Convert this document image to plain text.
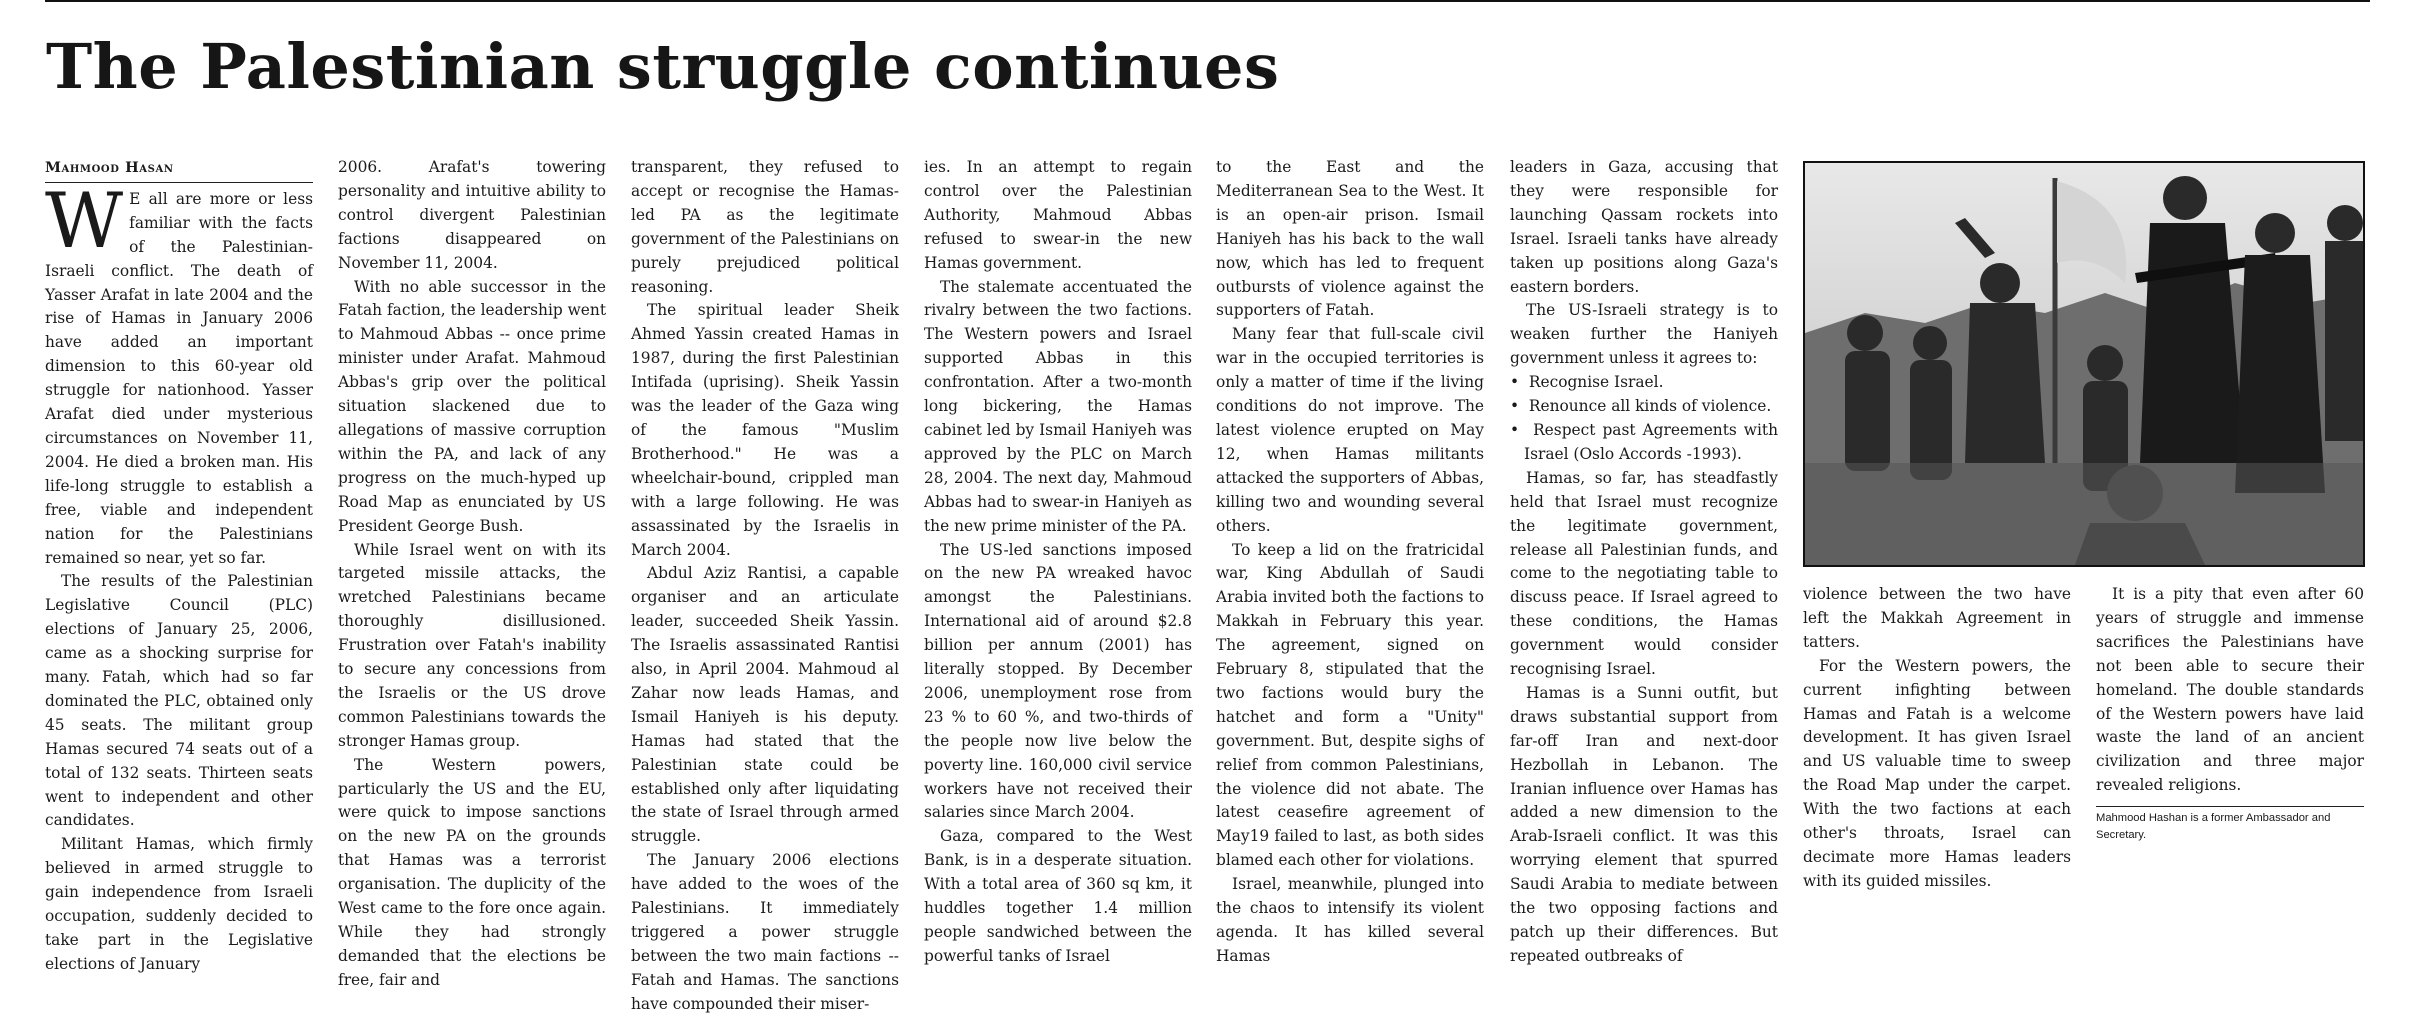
The Palestinian struggle continues
Mahmood Hasan

W E all are more or less familiar with the facts of the Palestinian-Israeli conflict. The death of Yasser Arafat in late 2004 and the rise of Hamas in January 2006 have added an important dimension to this 60-year old struggle for nationhood. Yasser Arafat died under mysterious circumstances on November 11, 2004. He died a broken man. His life-long struggle to establish a free, viable and independent nation for the Palestinians remained so near, yet so far.

The results of the Palestinian Legislative Council (PLC) elections of January 25, 2006, came as a shocking surprise for many. Fatah, which had so far dominated the PLC, obtained only 45 seats. The militant group Hamas secured 74 seats out of a total of 132 seats. Thirteen seats went to independent and other candidates.

Militant Hamas, which firmly believed in armed struggle to gain independence from Israeli occupation, suddenly decided to take part in the Legislative elections of January

2006. Arafat's towering personality and intuitive ability to control divergent Palestinian factions disappeared on November 11, 2004.

With no able successor in the Fatah faction, the leadership went to Mahmoud Abbas -- once prime minister under Arafat. Mahmoud Abbas's grip over the political situation slackened due to allegations of massive corruption within the PA, and lack of any progress on the much-hyped up Road Map as enunciated by US President George Bush.

While Israel went on with its targeted missile attacks, the wretched Palestinians became thoroughly disillusioned. Frustration over Fatah's inability to secure any concessions from the Israelis or the US drove common Palestinians towards the stronger Hamas group.

The Western powers, particularly the US and the EU, were quick to impose sanctions on the new PA on the grounds that Hamas was a terrorist organisation. The duplicity of the West came to the fore once again. While they had strongly demanded that the elections be free, fair and

transparent, they refused to accept or recognise the Hamas-led PA as the legitimate government of the Palestinians on purely prejudiced political reasoning.

The spiritual leader Sheik Ahmed Yassin created Hamas in 1987, during the first Palestinian Intifada (uprising). Sheik Yassin was the leader of the Gaza wing of the famous "Muslim Brotherhood." He was a wheelchair-bound, crippled man with a large following. He was assassinated by the Israelis in March 2004.

Abdul Aziz Rantisi, a capable organiser and an articulate leader, succeeded Sheik Yassin. The Israelis assassinated Rantisi also, in April 2004. Mahmoud al Zahar now leads Hamas, and Ismail Haniyeh is his deputy. Hamas had stated that the Palestinian state could be established only after liquidating the state of Israel through armed struggle.

The January 2006 elections have added to the woes of the Palestinians. It immediately triggered a power struggle between the two main factions -- Fatah and Hamas. The sanctions have compounded their miser-

ies. In an attempt to regain control over the Palestinian Authority, Mahmoud Abbas refused to swear-in the new Hamas government.

The stalemate accentuated the rivalry between the two factions. The Western powers and Israel supported Abbas in this confrontation. After a two-month long bickering, the Hamas cabinet led by Ismail Haniyeh was approved by the PLC on March 28, 2004. The next day, Mahmoud Abbas had to swear-in Haniyeh as the new prime minister of the PA.

The US-led sanctions imposed on the new PA wreaked havoc amongst the Palestinians. International aid of around $2.8 billion per annum (2001) has literally stopped. By December 2006, unemployment rose from 23 % to 60 %, and two-thirds of the people now live below the poverty line. 160,000 civil service workers have not received their salaries since March 2004.

Gaza, compared to the West Bank, is in a desperate situation. With a total area of 360 sq km, it huddles together 1.4 million people sandwiched between the powerful tanks of Israel

to the East and the Mediterranean Sea to the West. It is an open-air prison. Ismail Haniyeh has his back to the wall now, which has led to frequent outbursts of violence against the supporters of Fatah.

Many fear that full-scale civil war in the occupied territories is only a matter of time if the living conditions do not improve. The latest violence erupted on May 12, when Hamas militants attacked the supporters of Abbas, killing two and wounding several others.

To keep a lid on the fratricidal war, King Abdullah of Saudi Arabia invited both the factions to Makkah in February this year. The agreement, signed on February 8, stipulated that the two factions would bury the hatchet and form a "Unity" government. But, despite sighs of relief from common Palestinians, the violence did not abate. The latest ceasefire agreement of May19 failed to last, as both sides blamed each other for violations.

Israel, meanwhile, plunged into the chaos to intensify its violent agenda. It has killed several Hamas

leaders in Gaza, accusing that they were responsible for launching Qassam rockets into Israel. Israeli tanks have already taken up positions along Gaza's eastern borders.

The US-Israeli strategy is to weaken further the Haniyeh government unless it agrees to:

•  Recognise Israel.
•  Renounce all kinds of violence.
•  Respect past Agreements with Israel (Oslo Accords -1993).

Hamas, so far, has steadfastly held that Israel must recognize the legitimate government, release all Palestinian funds, and come to the negotiating table to discuss peace. If Israel agreed to these conditions, the Hamas government would consider recognising Israel.

Hamas is a Sunni outfit, but draws substantial support from far-off Iran and next-door Hezbollah in Lebanon. The Iranian influence over Hamas has added a new dimension to the Arab-Israeli conflict. It was this worrying element that spurred Saudi Arabia to mediate between the two opposing factions and patch up their differences. But repeated outbreaks of

violence between the two have left the Makkah Agreement in tatters.

For the Western powers, the current infighting between Hamas and Fatah is a welcome development. It has given Israel and US valuable time to sweep the Road Map under the carpet. With the two factions at each other's throats, Israel can decimate more Hamas leaders with its guided missiles.

It is a pity that even after 60 years of struggle and immense sacrifices the Palestinians have not been able to secure their homeland. The double standards of the Western powers have laid waste the land of an ancient civilization and three major revealed religions.

Mahmood Hashan is a former Ambassador and Secretary.
